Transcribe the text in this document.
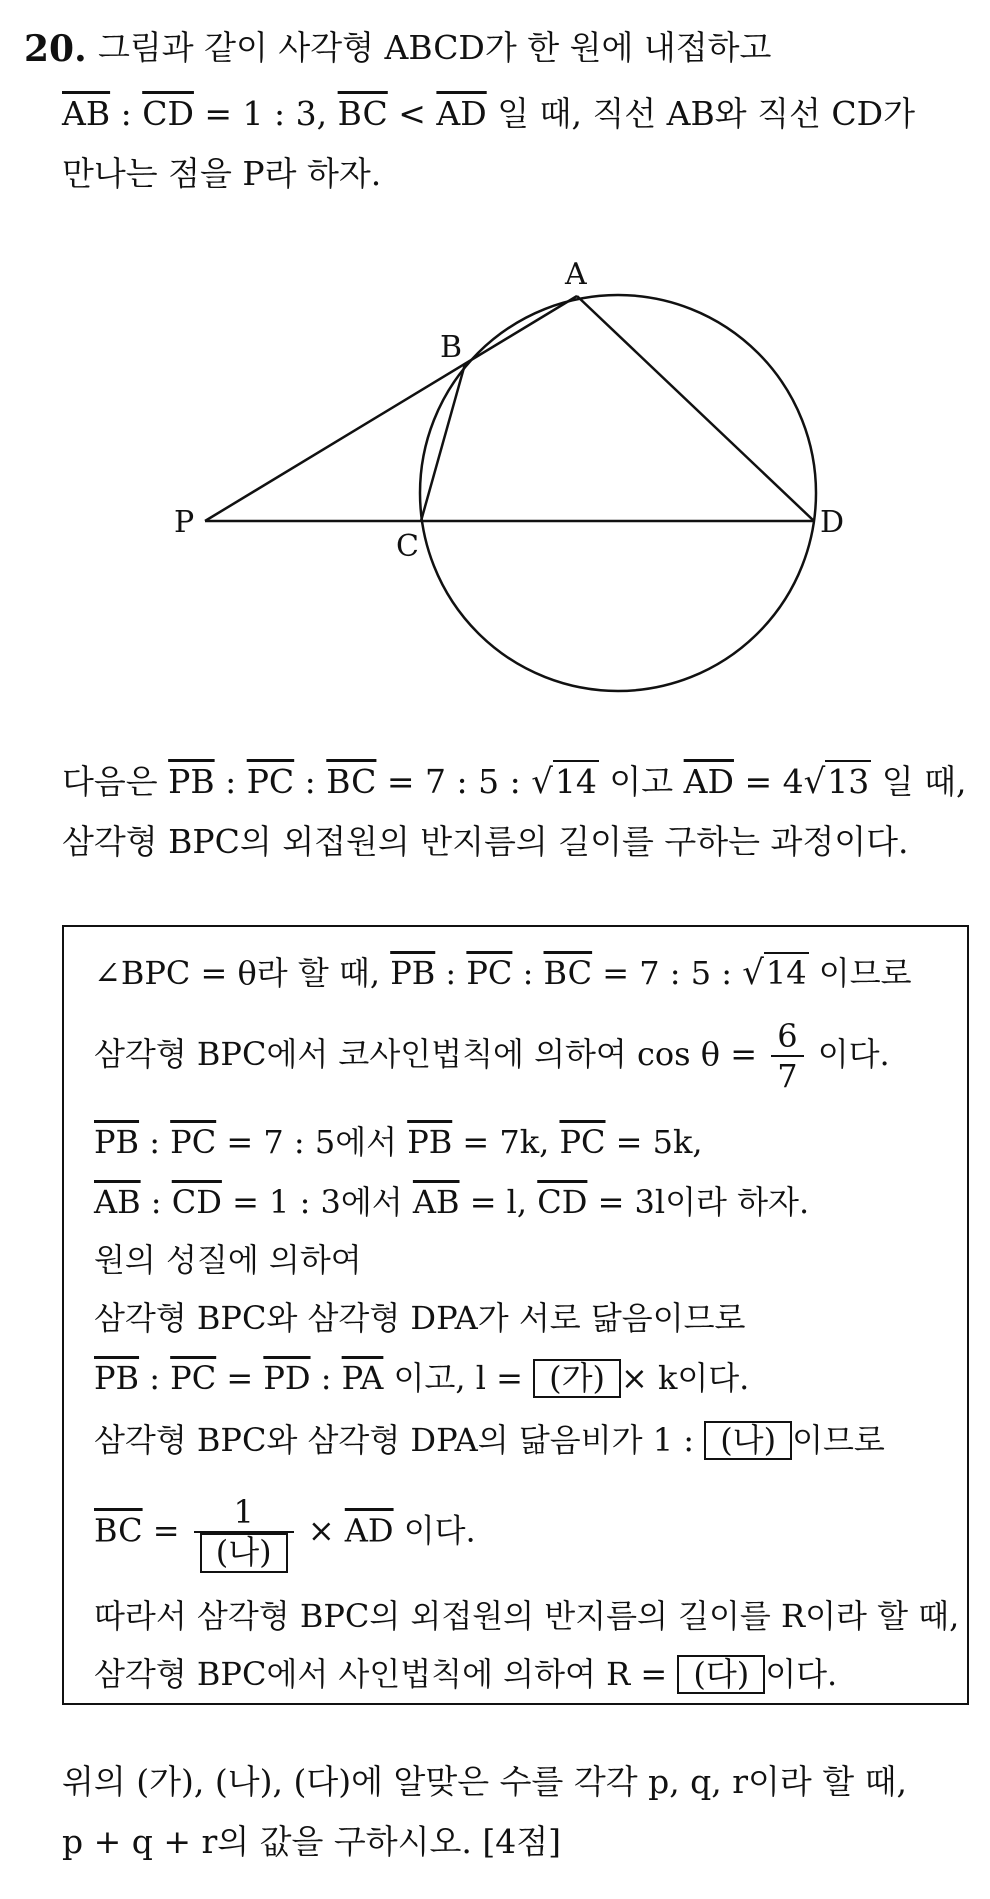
20. 그림과 같이 사각형 ABCD가 한 원에 내접하고
$\overline{AB}$ : $\overline{CD} = 1$ : 3, $\overline{BC} < \overline{AD}$ 일 때, 직선 AB와 직선 CD가
만나는 점을 P라 하자.
A
B
C
D
P
다음은 $\overline{PB}$ : $\overline{PC}$ : $\overline{BC} = 7$ : 5 : √14 이고 $\overline{AD} = 4√13$ 일 때,
삼각형 BPC의 외접원의 반지름의 길이를 구하는 과정이다.
∠BPC = θ라 할 때, $\overline{PB}$ : $\overline{PC}$ : $\overline{BC} = 7$ : 5 : √14 이므로
삼각형 BPC에서 코사인법칙에 의하여 $\cos \theta = \frac{6}{7}$ 이다.
$\overline{PB}$ : $\overline{PC} = 7$ : 5에서 $\overline{PB} = 7k$, $\overline{PC} = 5k$,
$\overline{AB}$ : $\overline{CD} = 1$ : 3에서 $\overline{AB} = l$, $\overline{CD} = 3l$이라 하자.
원의 성질에 의하여
삼각형 BPC와 삼각형 DPA가 서로 닮음이므로
$\overline{PB}$ : $\overline{PC} = \overline{PD}$ : $\overline{PA}$ 이고, l = (가) × k이다.
삼각형 BPC와 삼각형 DPA의 닮음비가 1 : (나) 이므로
$\overline{BC} = \frac{1}{\text{(나)}} \times \overline{AD}$ 이다.
따라서 삼각형 BPC의 외접원의 반지름의 길이를 R이라 할 때,
삼각형 BPC에서 사인법칙에 의하여 R = (다) 이다.
위의 (가), (나), (다)에 알맞은 수를 각각 p, q, r이라 할 때,
p + q + r의 값을 구하시오. [4점]
